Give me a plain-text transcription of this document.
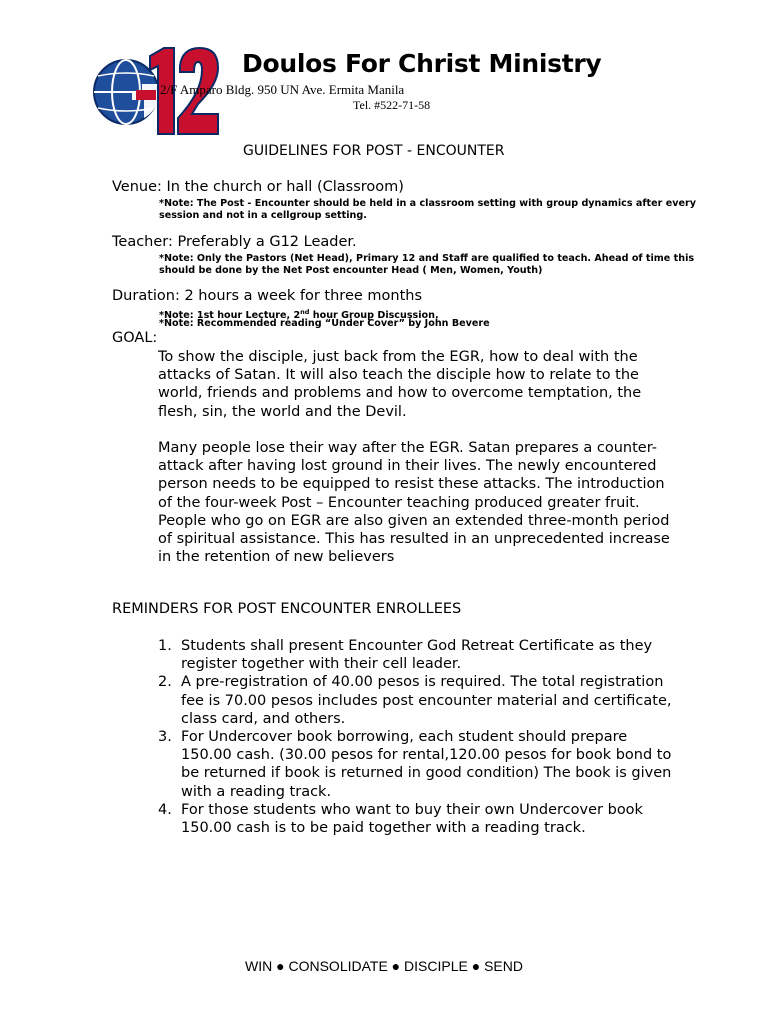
Doulos For Christ Ministry
2/F Amparo Bldg. 950 UN Ave. Ermita Manila
Tel. #522-71-58
GUIDELINES FOR POST - ENCOUNTER
Venue: In the church or hall (Classroom)
*Note: The Post - Encounter should be held in a classroom setting with group dynamics after every session and not in a cellgroup setting.
Teacher: Preferably a G12 Leader.
*Note: Only the Pastors (Net Head), Primary 12 and Staff are qualified to teach. Ahead of time this should be done by the Net Post encounter Head ( Men, Women, Youth)
Duration: 2 hours a week for three months
*Note: 1st hour Lecture, 2nd hour Group Discussion.
*Note: Recommended reading “Under Cover” by John Bevere
GOAL:

To show the disciple, just back from the EGR, how to deal with the attacks of Satan. It will also teach the disciple how to relate to the world, friends and problems and how to overcome temptation, the flesh, sin, the world and the Devil.

Many people lose their way after the EGR. Satan prepares a counter-attack after having lost ground in their lives. The newly encountered person needs to be equipped to resist these attacks. The introduction of the four-week Post – Encounter teaching produced greater fruit. People who go on EGR are also given an extended three-month period of spiritual assistance. This has resulted in an unprecedented increase in the retention of new believers

REMINDERS FOR POST ENCOUNTER ENROLLEES
1. Students shall present Encounter God Retreat Certificate as they register together with their cell leader.
2. A pre-registration of 40.00 pesos is required. The total registration fee is 70.00 pesos includes post encounter material and certificate, class card, and others.
3. For Undercover book borrowing, each student should prepare 150.00 cash. (30.00 pesos for rental,120.00 pesos for book bond to be returned if book is returned in good condition) The book is given with a reading track.
4. For those students who want to buy their own Undercover book 150.00 cash is to be paid together with a reading track.
WIN ● CONSOLIDATE ● DISCIPLE ● SEND
